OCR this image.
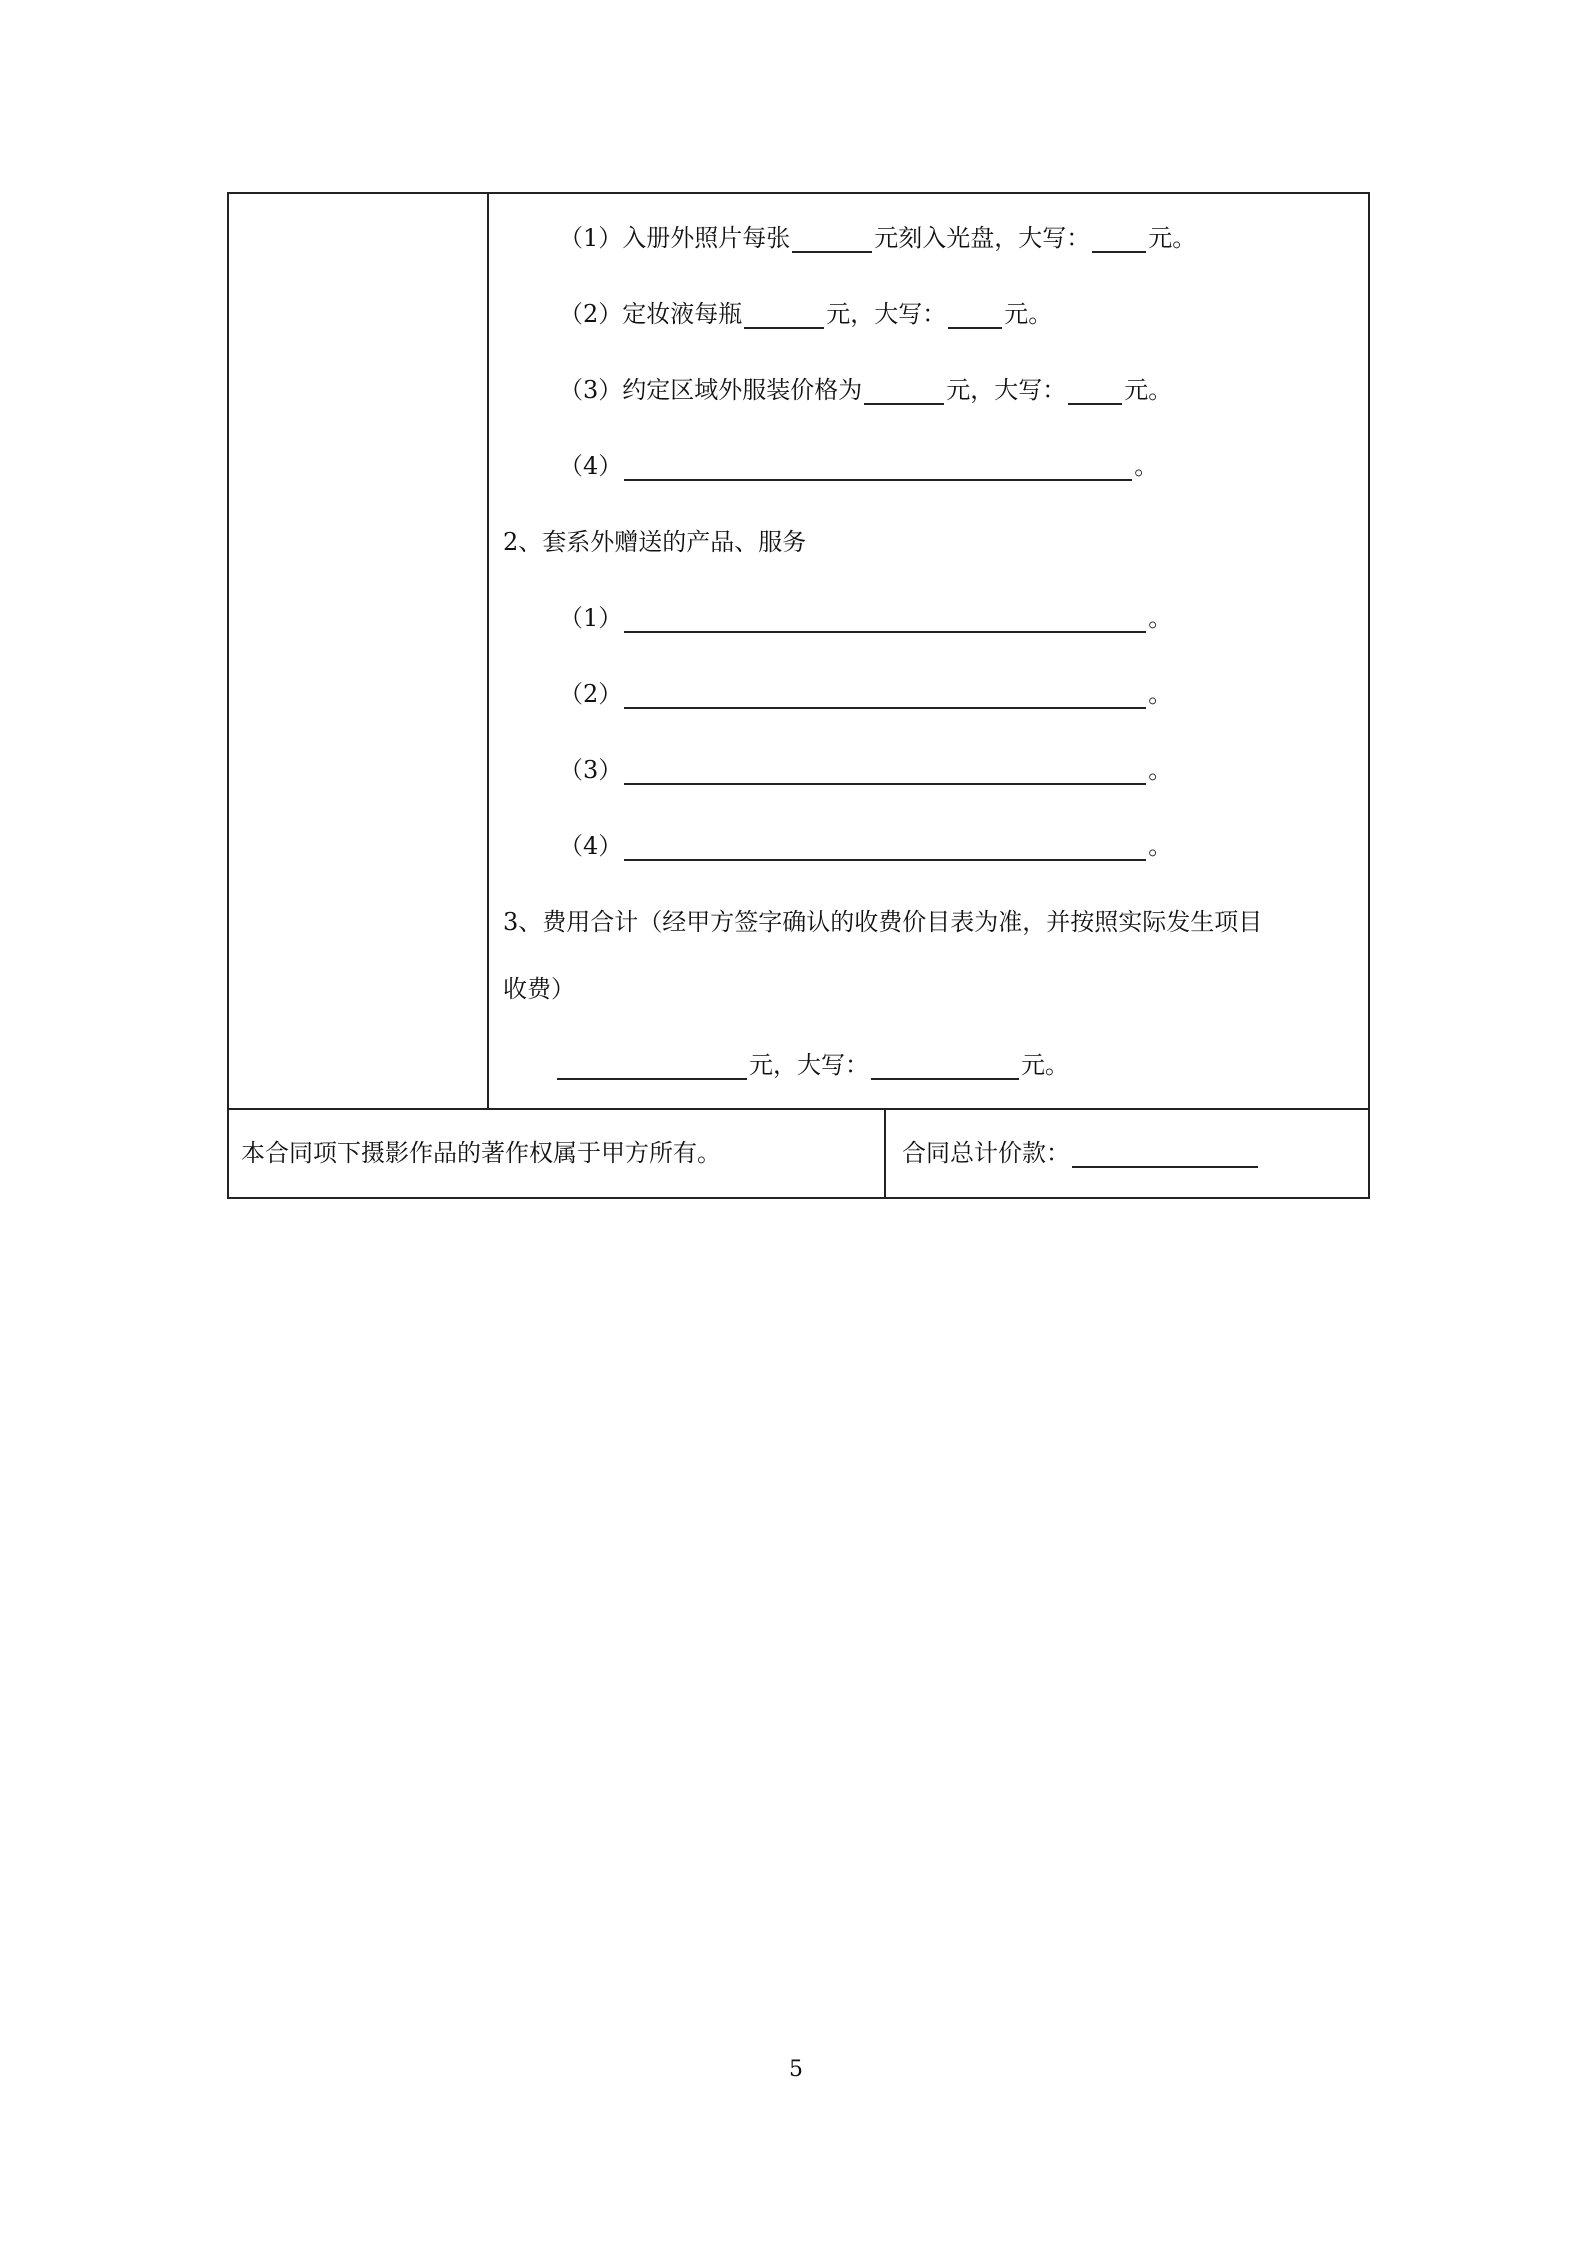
（1）入册外照片每张	元刻入光盘，大写： 元。
（2）定妆液每瓶	元，大写： 元。
（3）约定区域外服装价格为	元，大写： 元。
（4）	。
2、套系外赠送的产品、服务
（1）	。
（2）	。
（3）	。
（4）	。
3、费用合计（经甲方签字确认的收费价目表为准，并按照实际发生项目
收费）
元，大写：	元。
本合同项下摄影作品的著作权属于甲方所有。	合同总计价款：
5
